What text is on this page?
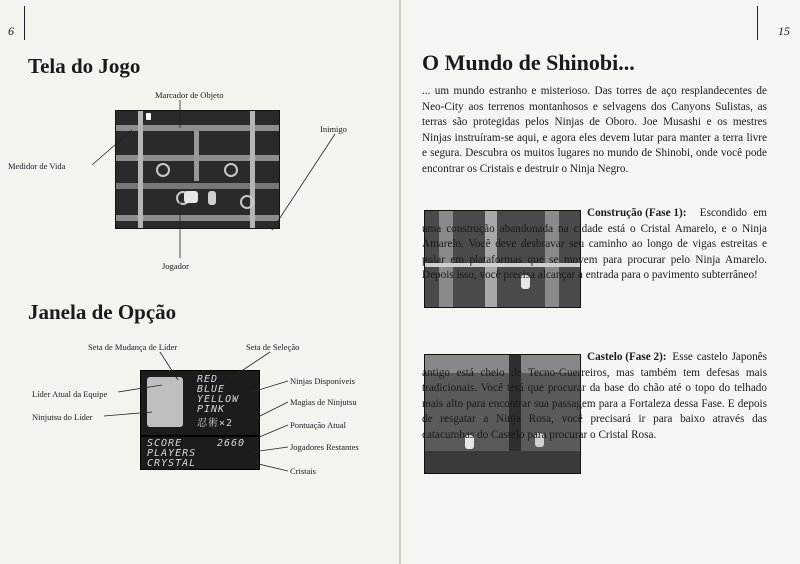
6
Tela do Jogo
Marcador de Objeto
Inimigo
Medidor de Vida
Jogador
Janela de Opção
Seta de Mudança de Líder	Seta de Seleção
Líder Atual da Equipe
Ninjutsu do Líder
Ninjas Disponíveis
Magias de Ninjutsu
Pontuação Atual
Jogadores Restantes
Cristais
RED
BLUE
YELLOW
PINK
忍術×2
SCORE	2660
PLAYERS
CRYSTAL
15
O Mundo de Shinobi...

... um mundo estranho e misterioso. Das torres de aço resplandecentes de Neo-City aos terrenos montanhosos e selvagens dos Canyons Sulistas, as terras são protegidas pelos Ninjas de Oboro. Joe Musashi e os mestres Ninjas instruíram-se aqui, e agora eles devem lutar para manter a terra livre e segura. Descubra os muitos lugares no mundo de Shinobi, onde você pode encontrar os Cristais e destruir o Ninja Negro.

Construção (Fase 1):	Escondido em uma construção abandonada na cidade está o Cristal Amarelo, e o Ninja Amarelo. Você deve desbravar seu caminho ao longo de vigas estreitas e pular em plataformas que se movem para procurar pelo Ninja Amarelo. Depois isso, você precisa alcançar a entrada para o pavimento subterrâneo!

Castelo (Fase 2): Esse castelo Japonês antigo está cheio de Tecno-Guerreiros, mas também tem defesas mais tradicionais. Você terá que procurar da base do chão até o topo do telhado mais alto para encontrar sua passagem para a Fortaleza dessa Fase. E depois de resgatar a Ninja Rosa, você precisará ir para baixo através das catacumbas do Castelo para procurar o Cristal Rosa.
